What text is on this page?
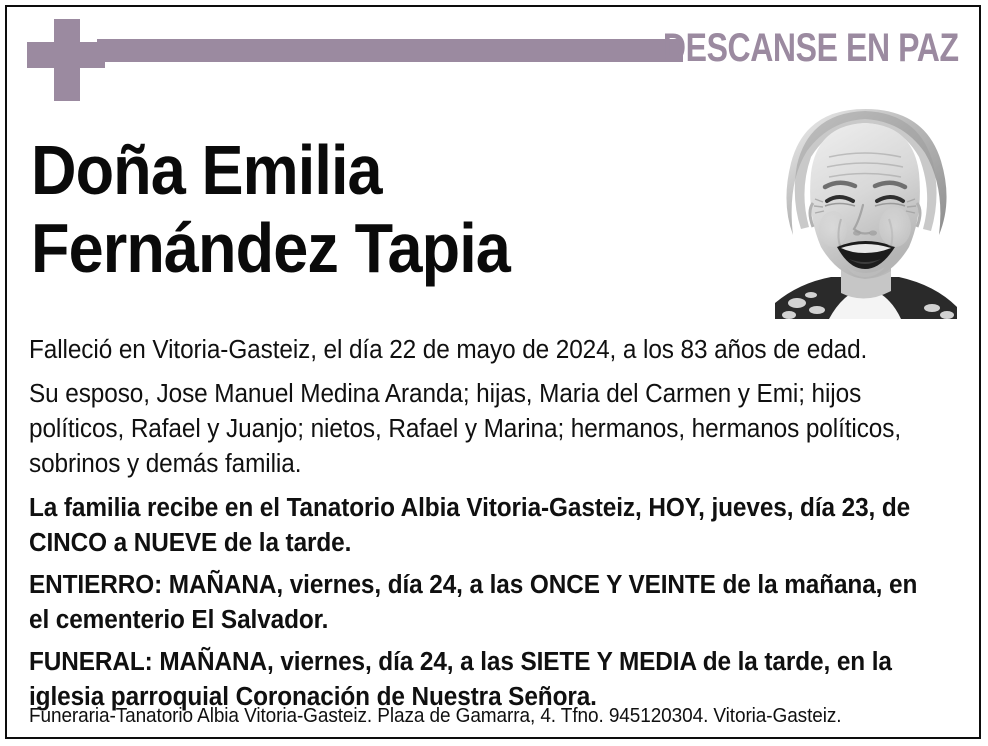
DESCANSE EN PAZ
Doña Emilia
Fernández Tapia

Falleció en Vitoria-Gasteiz, el día 22 de mayo de 2024, a los 83 años de edad.

Su esposo, Jose Manuel Medina Aranda; hijas, Maria del Carmen y Emi; hijos políticos, Rafael y Juanjo; nietos, Rafael y Marina; hermanos, hermanos políticos, sobrinos y demás familia.

La familia recibe en el Tanatorio Albia Vitoria-Gasteiz, HOY, jueves, día 23, de CINCO a NUEVE de la tarde.

ENTIERRO: MAÑANA, viernes, día 24, a las ONCE Y VEINTE de la mañana, en el cementerio El Salvador.

FUNERAL: MAÑANA, viernes, día 24, a las SIETE Y MEDIA de la tarde, en la iglesia parroquial Coronación de Nuestra Señora.

Funeraria-Tanatorio Albia Vitoria-Gasteiz. Plaza de Gamarra, 4. Tfno. 945120304. Vitoria-Gasteiz.
